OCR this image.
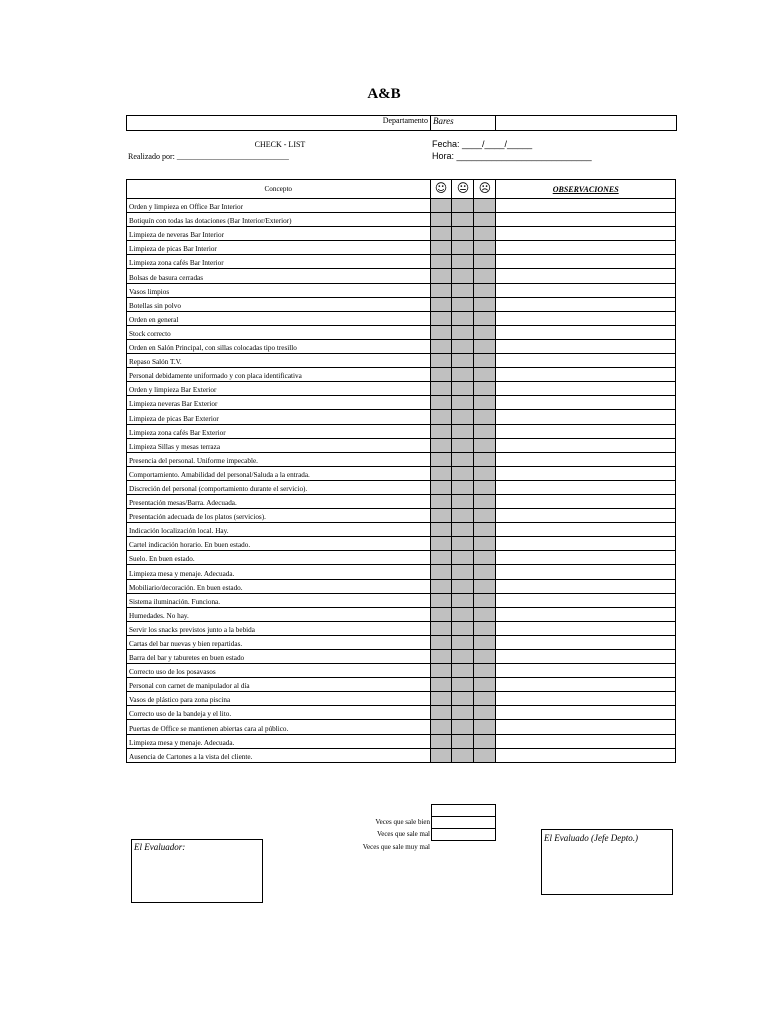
A&B
Departamento Bares
CHECK - LIST
Realizado por: ____________________________
Fecha: ____/____/_____
Hora: ___________________________
Concepto	☺	😐	☹	OBSERVACIONES
Orden y limpieza en Office Bar Interior				
Botiquín con todas las dotaciones (Bar Interior/Exterior)				
Limpieza de neveras Bar Interior				
Limpieza de picas Bar Interior				
Limpieza zona cafés Bar Interior				
Bolsas de basura cerradas				
Vasos limpios				
Botellas sin polvo				
Orden en general				
Stock correcto				
Orden en Salón Principal, con sillas colocadas tipo tresillo				
Repaso Salón T.V.				
Personal debidamente uniformado y con placa identificativa				
Orden y limpieza Bar Exterior				
Limpieza neveras Bar Exterior				
Limpieza de picas Bar Exterior				
Limpieza zona cafés Bar Exterior				
Limpieza Sillas y mesas terraza				
Presencia del personal. Uniforme impecable.				
Comportamiento. Amabilidad del personal/Saluda a la entrada.				
Discreción del personal (comportamiento durante el servicio).				
Presentación mesas/Barra. Adecuada.				
Presentación adecuada de los platos (servicios).				
Indicación localización local. Hay.				
Cartel indicación horario. En buen estado.				
Suelo. En buen estado.				
Limpieza mesa y menaje. Adecuada.				
Mobiliario/decoración. En buen estado.				
Sistema iluminación. Funciona.				
Humedades. No hay.				
Servir los snacks previstos junto a la bebida				
Cartas del bar nuevas y bien repartidas.				
Barra del bar y taburetes en buen estado				
Correcto uso de los posavasos				
Personal con carnet de manipulador al día				
Vasos de plástico para zona piscina				
Correcto uso de la bandeja y el lito.				
Puertas de Office se mantienen abiertas cara al público.				
Limpieza mesa y menaje. Adecuada.				
Ausencia de Cartones a la vista del cliente.				

Veces que sale bien
Veces que sale mal
Veces que sale muy mal
El Evaluador:
El Evaluado (Jefe Depto.)
